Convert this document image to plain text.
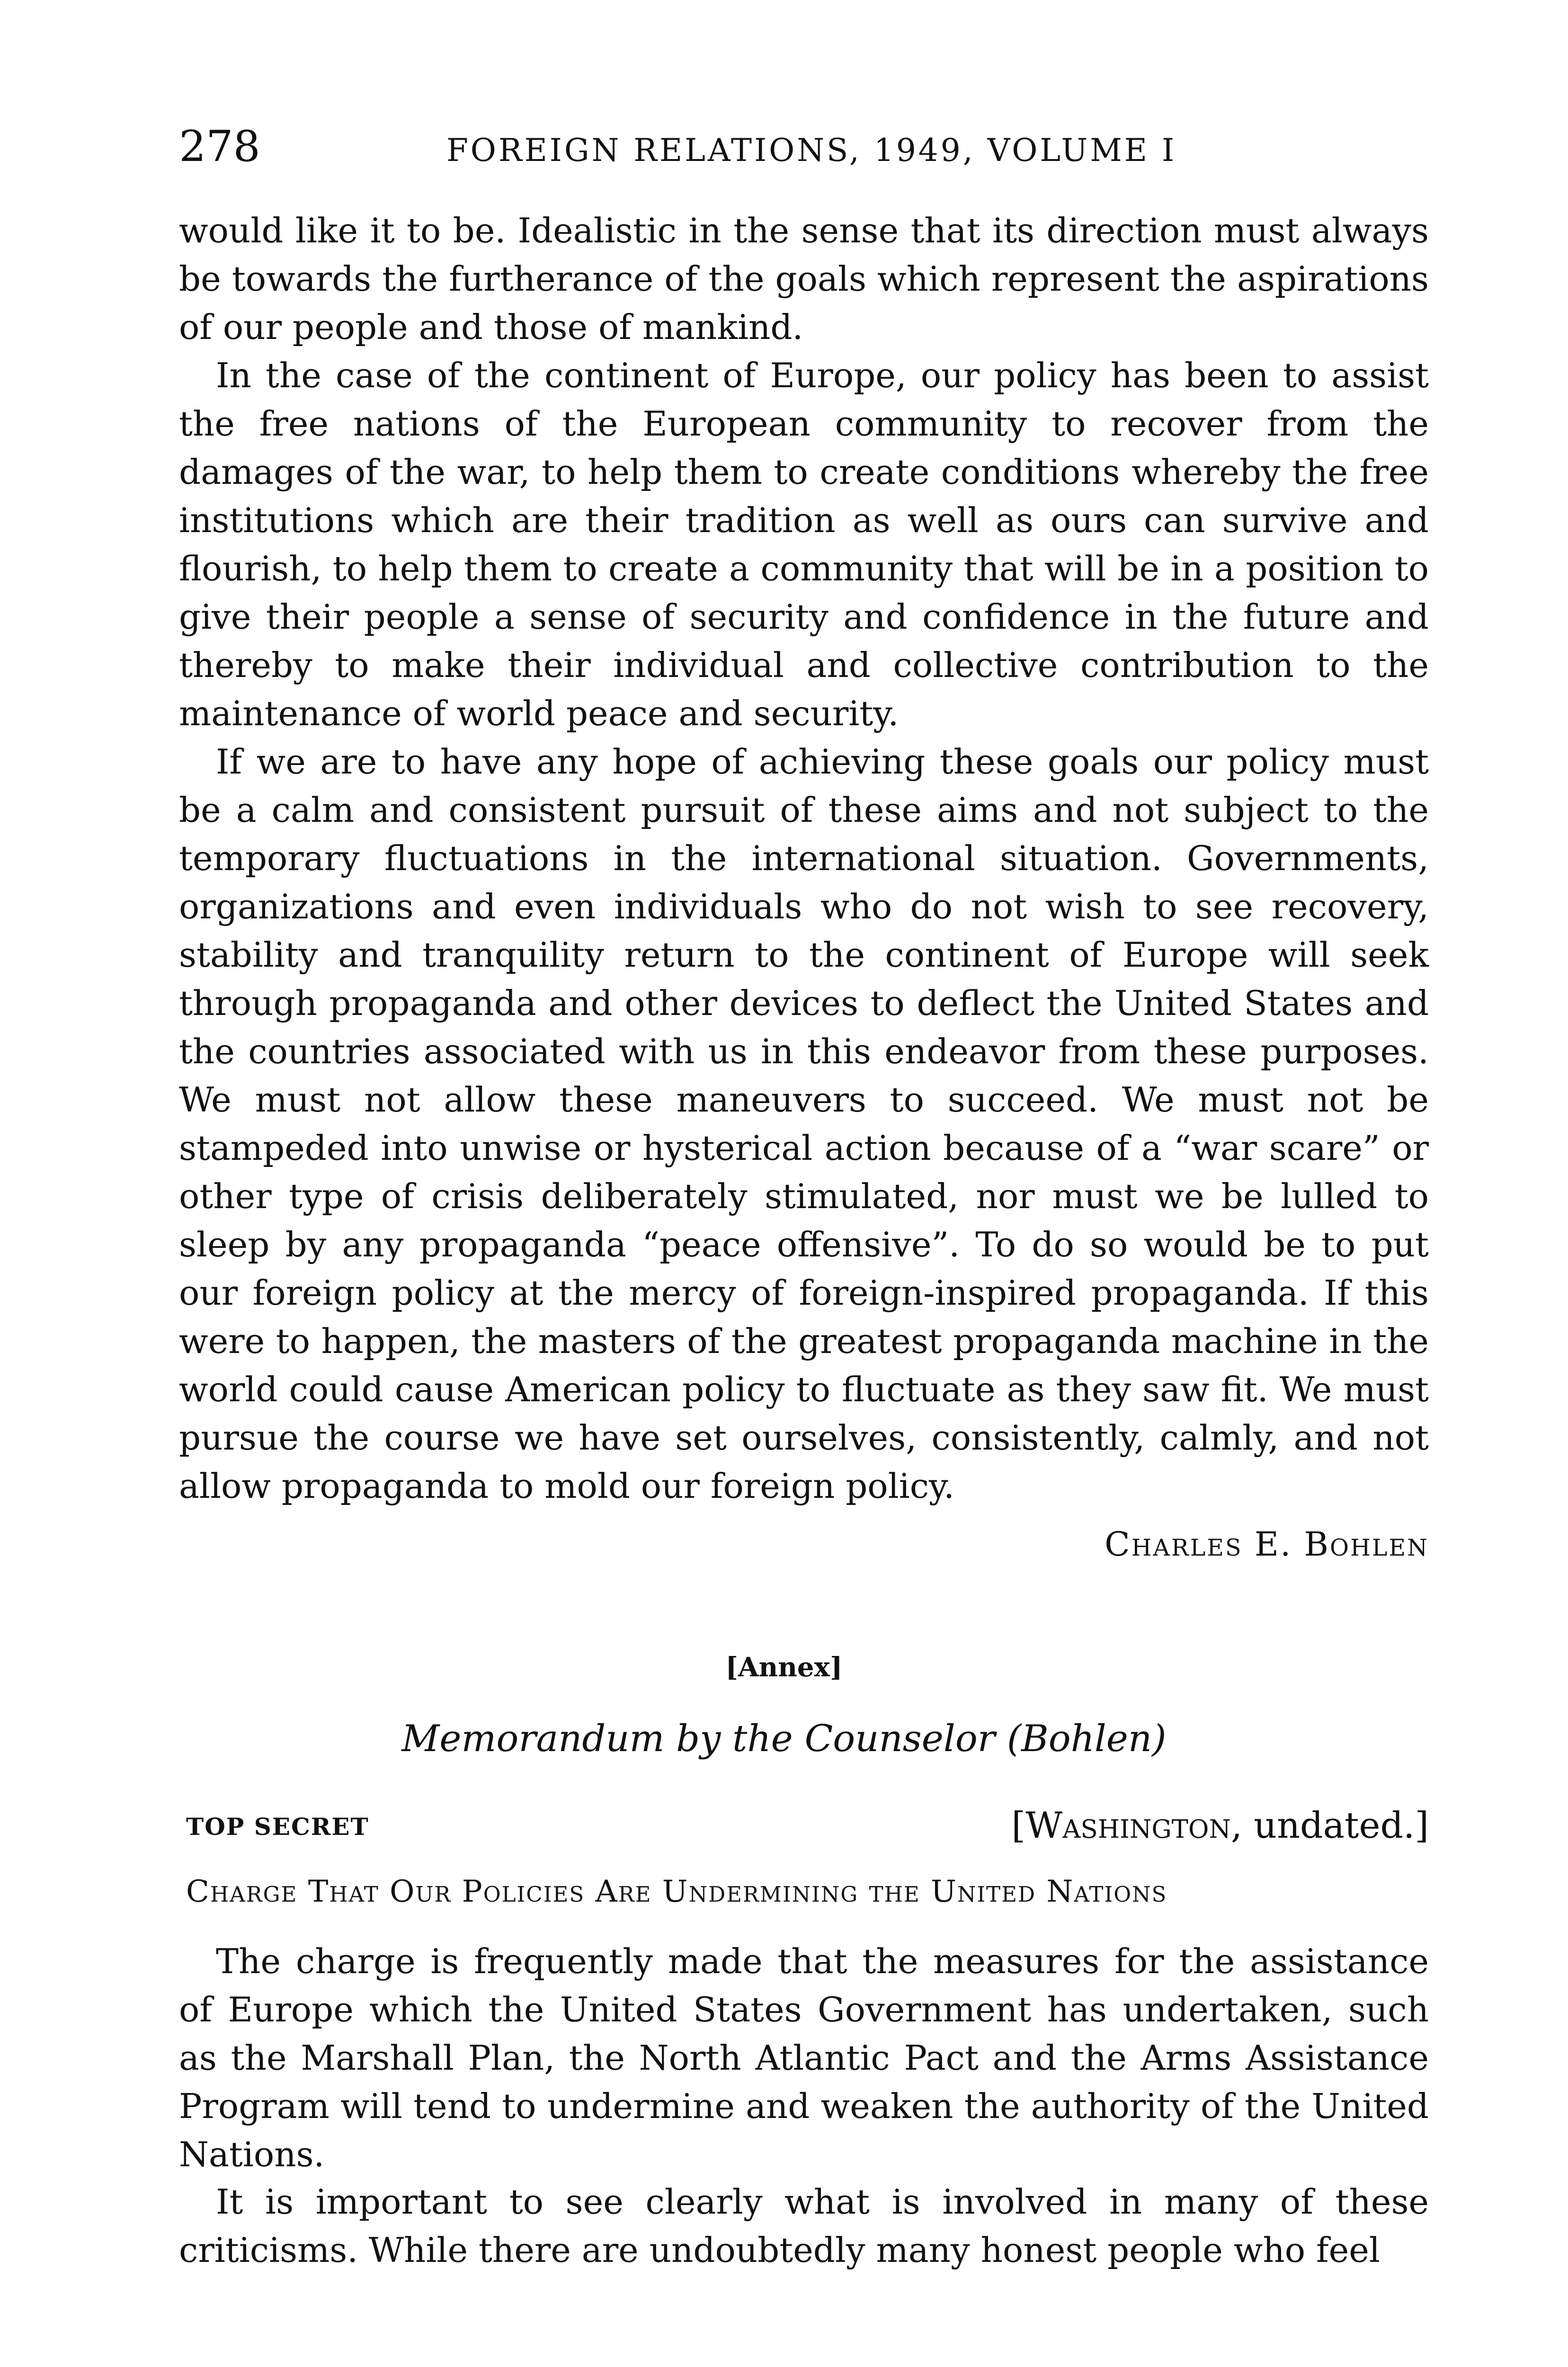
278	FOREIGN RELATIONS, 1949, VOLUME I

would like it to be. Idealistic in the sense that its direction must always be towards the furtherance of the goals which represent the aspirations of our people and those of mankind.

In the case of the continent of Europe, our policy has been to assist the free nations of the European community to recover from the damages of the war, to help them to create conditions whereby the free institutions which are their tradition as well as ours can survive and flourish, to help them to create a community that will be in a position to give their people a sense of security and confidence in the future and thereby to make their individual and collective contribution to the maintenance of world peace and security.

If we are to have any hope of achieving these goals our policy must be a calm and consistent pursuit of these aims and not subject to the temporary fluctuations in the international situation. Governments, organizations and even individuals who do not wish to see recovery, stability and tranquility return to the continent of Europe will seek through propaganda and other devices to deflect the United States and the countries associated with us in this endeavor from these purposes. We must not allow these maneuvers to succeed. We must not be stampeded into unwise or hysterical action because of a “war scare” or other type of crisis deliberately stimulated, nor must we be lulled to sleep by any propaganda “peace offensive”. To do so would be to put our foreign policy at the mercy of foreign-inspired propaganda. If this were to happen, the masters of the greatest propaganda machine in the world could cause American policy to fluctuate as they saw fit. We must pursue the course we have set ourselves, consistently, calmly, and not allow propaganda to mold our foreign policy.

Charles E. Bohlen
[Annex]
Memorandum by the Counselor (Bohlen)
TOP SECRET	[Washington, undated.]
Charge That Our Policies Are Undermining the United Nations

The charge is frequently made that the measures for the assistance of Europe which the United States Government has undertaken, such as the Marshall Plan, the North Atlantic Pact and the Arms Assistance Program will tend to undermine and weaken the authority of the United Nations.

It is important to see clearly what is involved in many of these criticisms. While there are undoubtedly many honest people who feel
